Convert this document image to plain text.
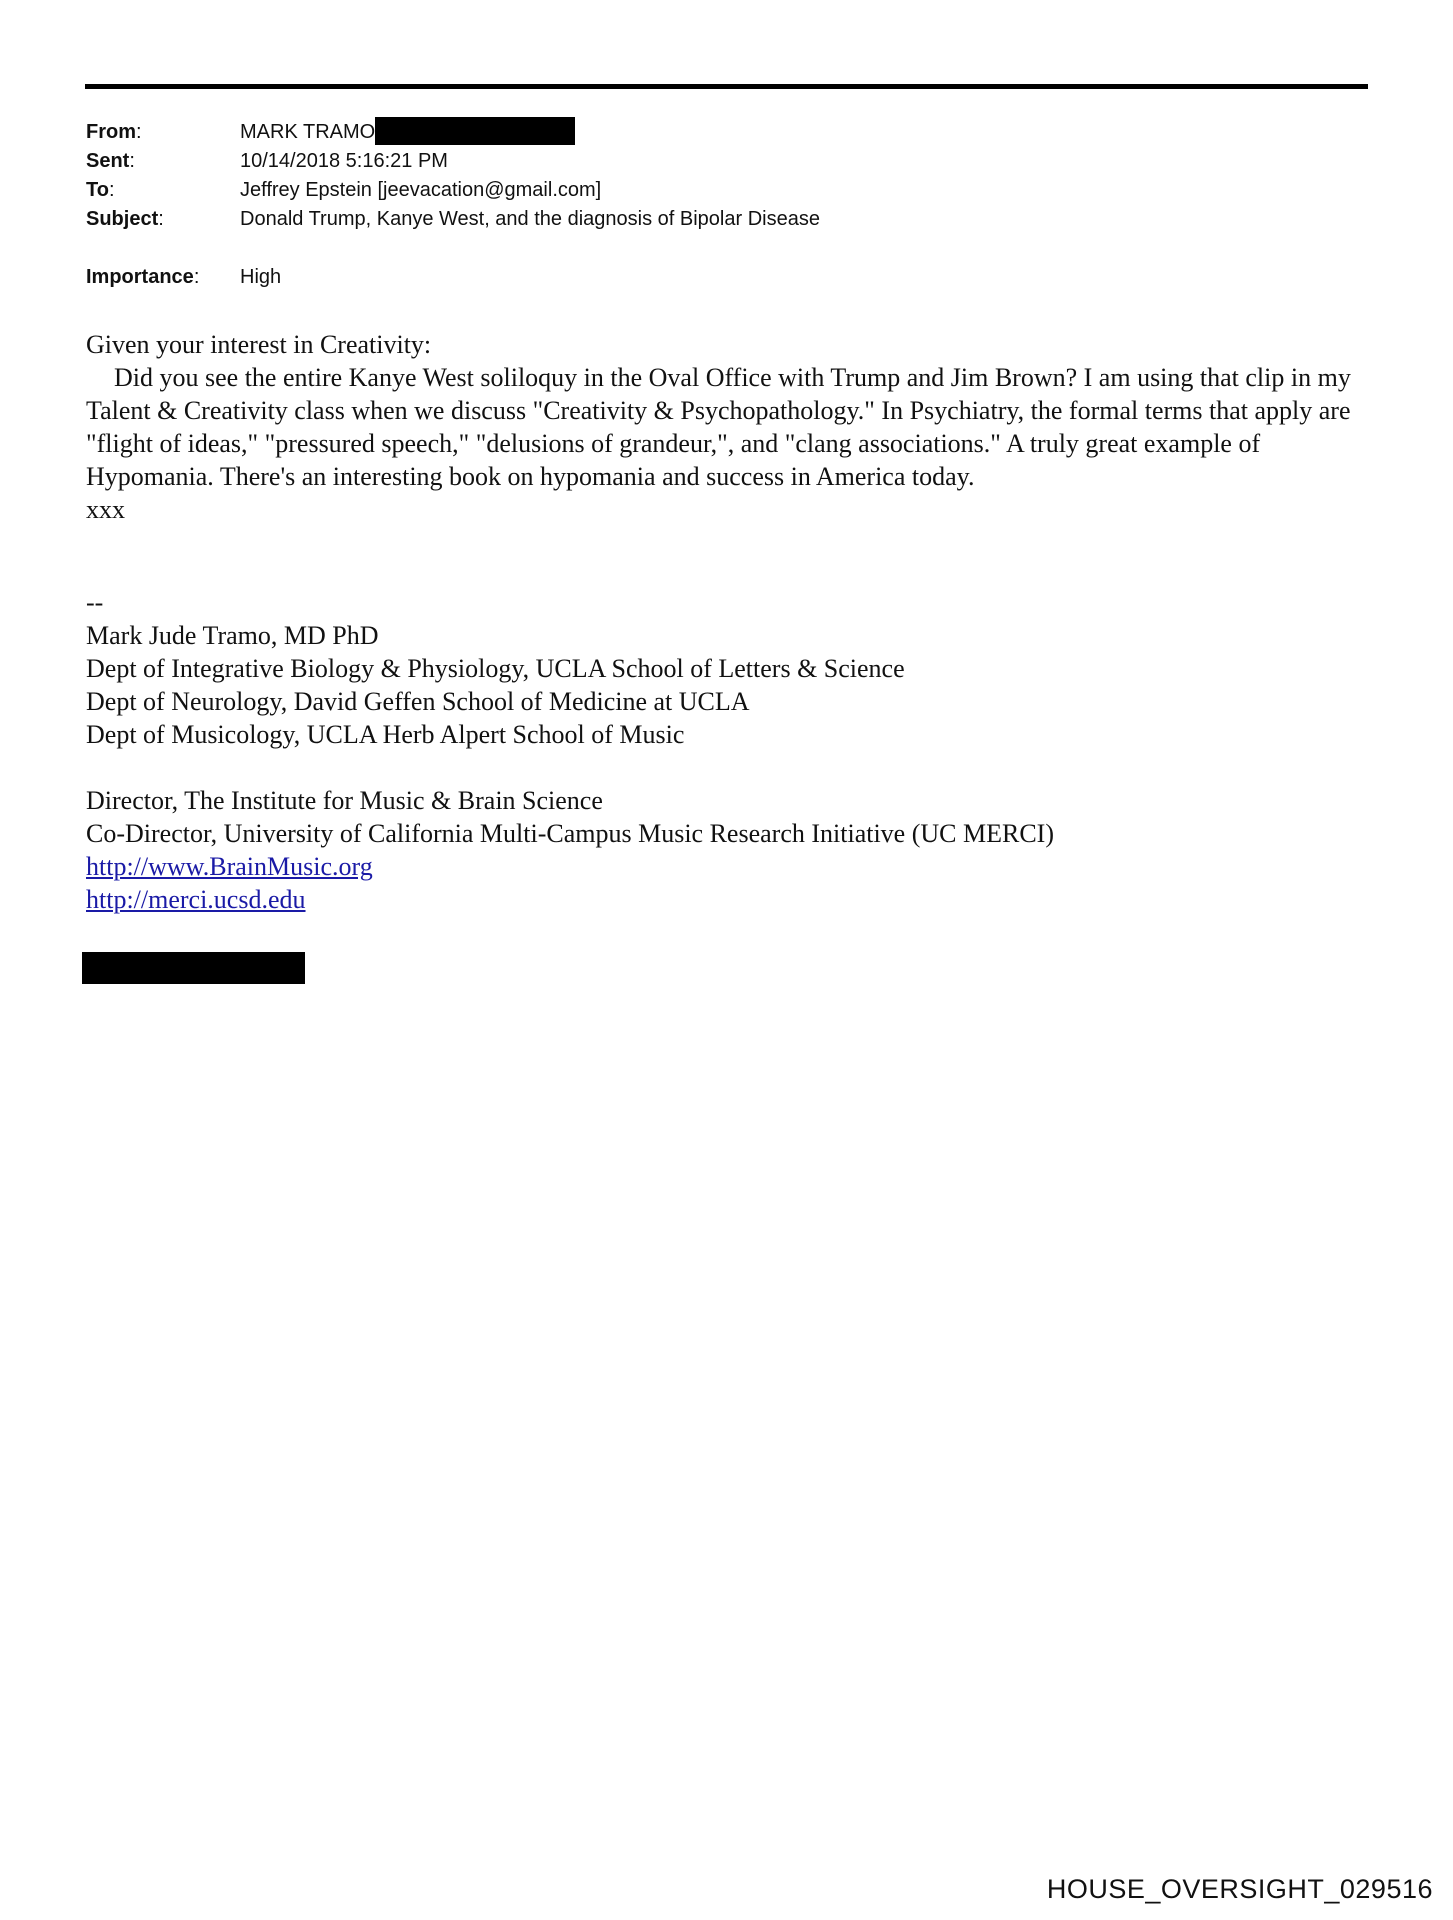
From:	MARK TRAMO
Sent:	10/14/2018 5:16:21 PM
To:	Jeffrey Epstein [jeevacation@gmail.com]
Subject:	Donald Trump, Kanye West, and the diagnosis of Bipolar Disease
Importance:	High

Given your interest in Creativity:

Did you see the entire Kanye West soliloquy in the Oval Office with Trump and Jim Brown? I am using that clip in my Talent & Creativity class when we discuss "Creativity & Psychopathology." In Psychiatry, the formal terms that apply are "flight of ideas," "pressured speech," "delusions of grandeur,", and "clang associations." A truly great example of Hypomania. There's an interesting book on hypomania and success in America today.

xxx

--
Mark Jude Tramo, MD PhD
Dept of Integrative Biology & Physiology, UCLA School of Letters & Science
Dept of Neurology, David Geffen School of Medicine at UCLA
Dept of Musicology, UCLA Herb Alpert School of Music
Director, The Institute for Music & Brain Science
Co-Director, University of California Multi-Campus Music Research Initiative (UC MERCI)
http://www.BrainMusic.org
http://merci.ucsd.edu
HOUSE_OVERSIGHT_029516
